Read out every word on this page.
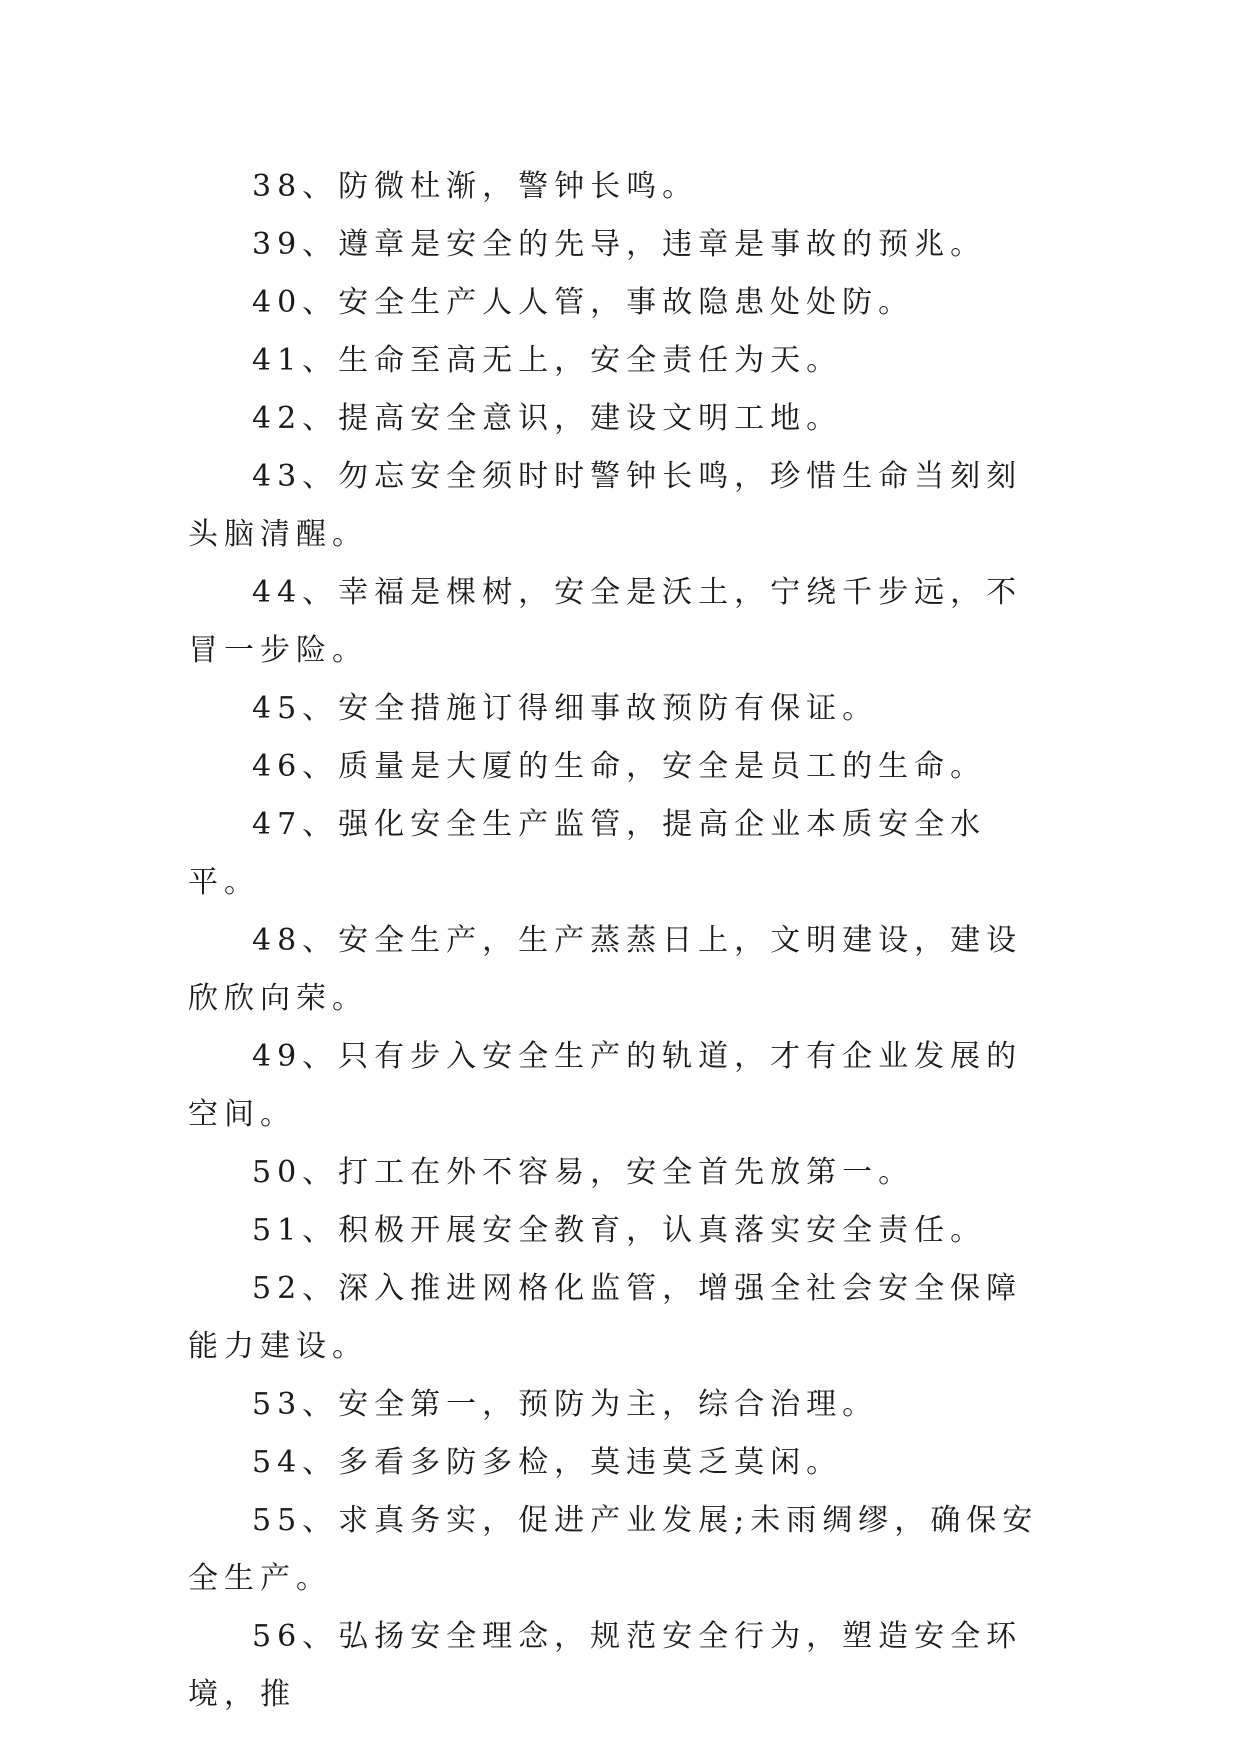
38、防微杜渐，警钟长鸣。

39、遵章是安全的先导，违章是事故的预兆。

40、安全生产人人管，事故隐患处处防。

41、生命至高无上，安全责任为天。

42、提高安全意识，建设文明工地。

43、勿忘安全须时时警钟长鸣，珍惜生命当刻刻头脑清醒。

44、幸福是棵树，安全是沃土，宁绕千步远，不冒一步险。

45、安全措施订得细事故预防有保证。

46、质量是大厦的生命，安全是员工的生命。

47、强化安全生产监管，提高企业本质安全水平。

48、安全生产，生产蒸蒸日上，文明建设，建设欣欣向荣。

49、只有步入安全生产的轨道，才有企业发展的空间。

50、打工在外不容易，安全首先放第一。

51、积极开展安全教育，认真落实安全责任。

52、深入推进网格化监管，增强全社会安全保障能力建设。

53、安全第一，预防为主，综合治理。

54、多看多防多检，莫违莫乏莫闲。

55、求真务实，促进产业发展;未雨绸缪，确保安全生产。

56、弘扬安全理念，规范安全行为，塑造安全环境，推
